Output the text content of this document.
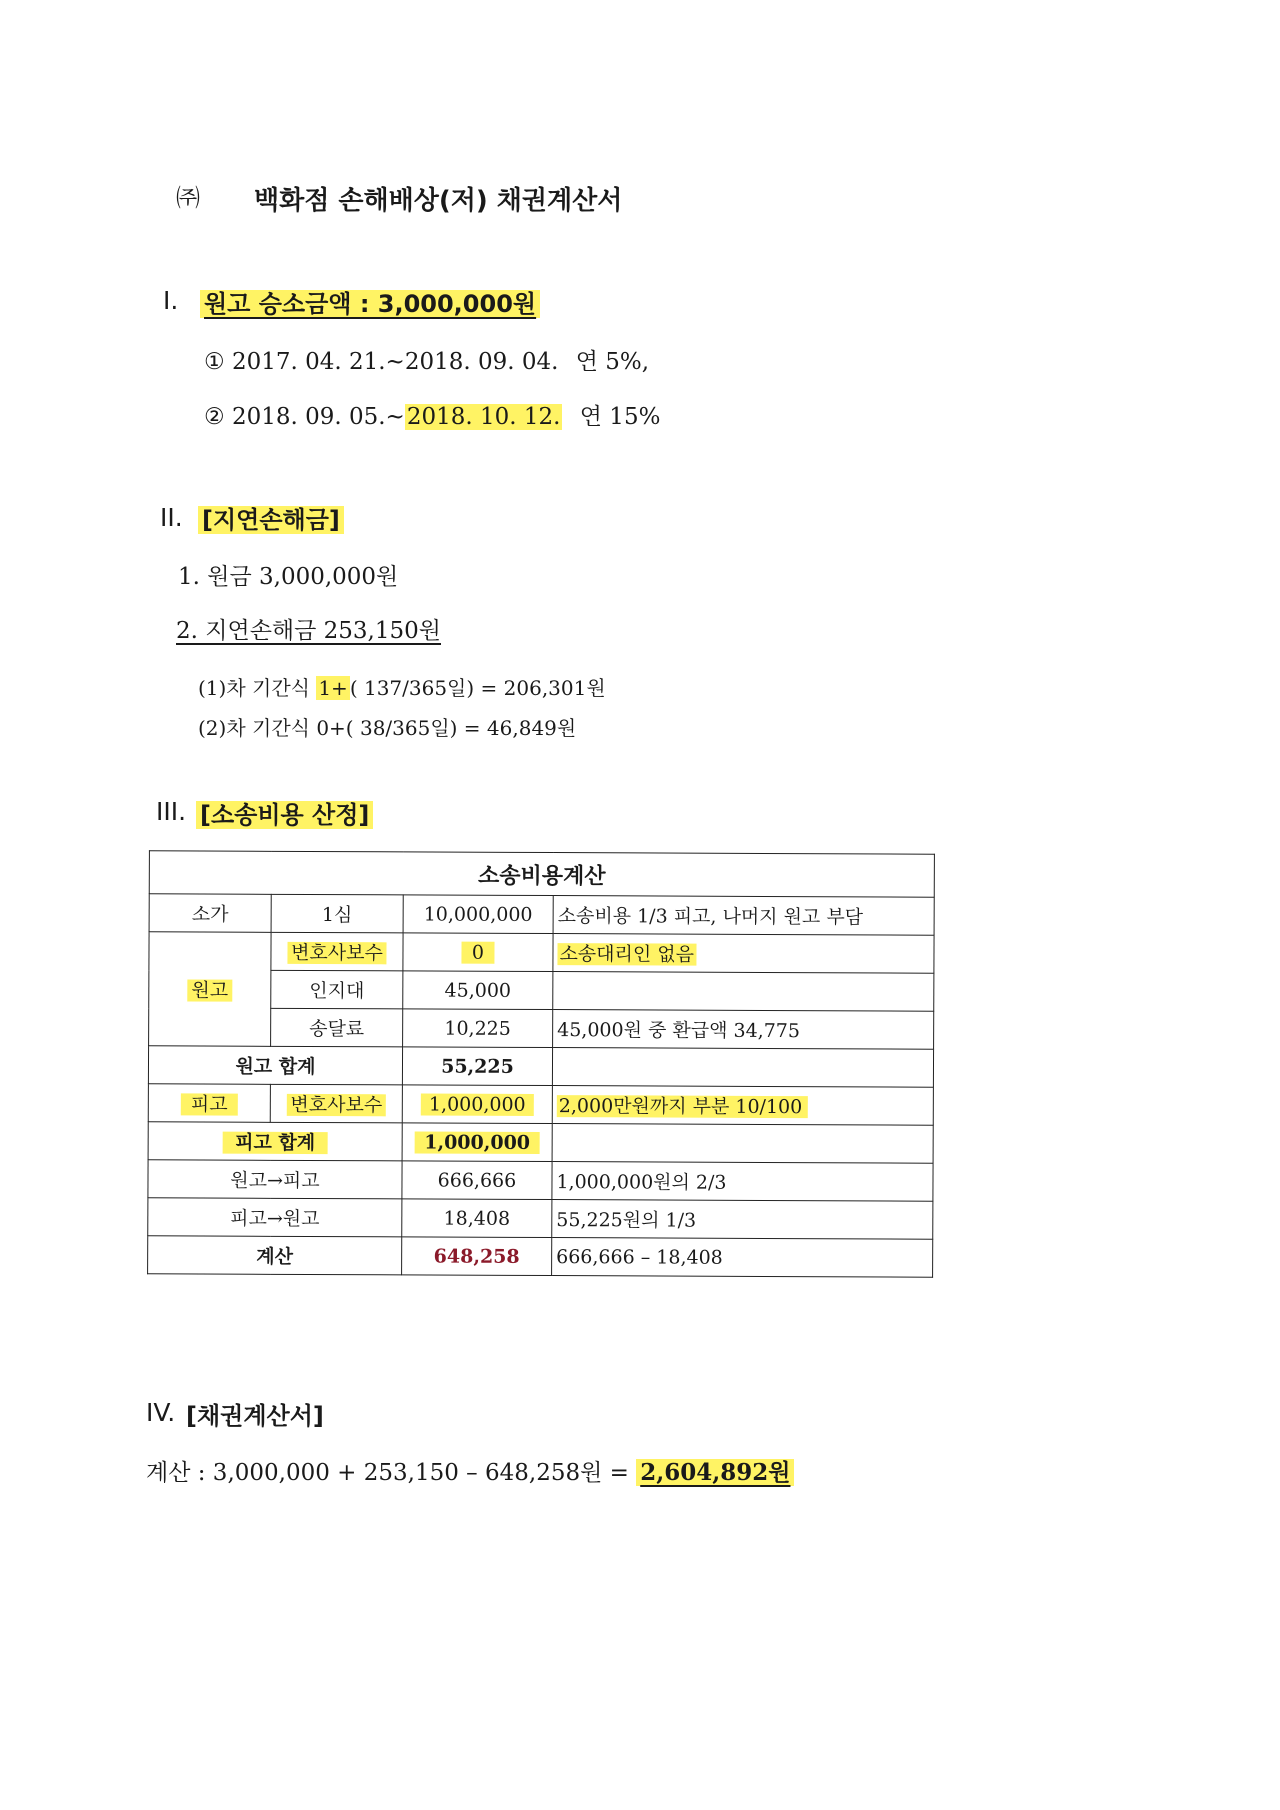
㈜ 백화점 손해배상(저) 채권계산서
I. 원고 승소금액 : 3,000,000원
① 2017. 04. 21.~2018. 09. 04. 연 5%,
② 2018. 09. 05.~2018. 10. 12. 연 15%
II. [지연손해금]
1. 원금 3,000,000원
2. 지연손해금 253,150원
(1)차 기간식 1+ ( 137/365일) = 206,301원
(2)차 기간식 0+( 38/365일) = 46,849원
III. [소송비용 산정]
소송비용계산			
소가	1심	10,000,000	소송비용 1/3 피고, 나머지 원고 부담
원고	변호사보수	0	소송대리인 없음
	인지대	45,000	
	송달료	10,225	45,000원 중 환급액 34,775
원고 합계		55,225	
피고	변호사보수	1,000,000	2,000만원까지 부분 10/100
피고 합계		1,000,000	
원고→피고		666,666	1,000,000원의 2/3
피고→원고		18,408	55,225원의 1/3
계산		648,258	666,666 – 18,408
IV. [채권계산서]
계산 : 3,000,000 + 253,150 – 648,258원 = 2,604,892원
